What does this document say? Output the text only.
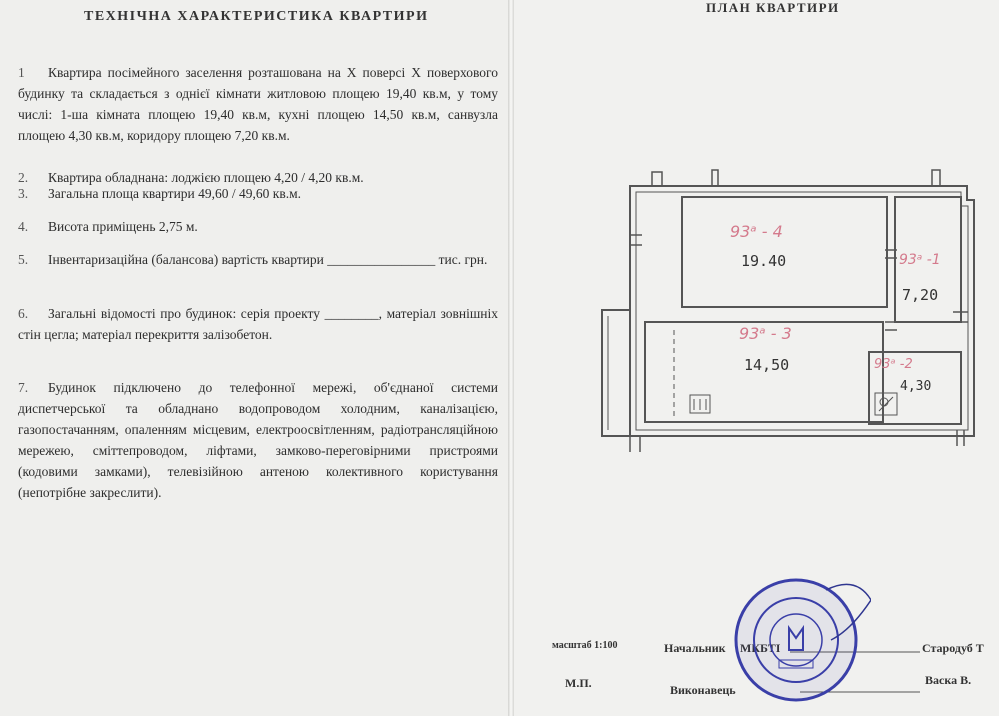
ТЕХНІЧНА ХАРАКТЕРИСТИКА КВАРТИРИ
1 Квартира посімейного заселення розташована на Х поверсі Х поверхового будинку та складається з однієї кімнати житловою площею 19,40 кв.м, у тому числі: 1-ша кімната площею 19,40 кв.м, кухні площею 14,50 кв.м, санвузла площею 4,30 кв.м, коридору площею 7,20 кв.м.
2. Квартира обладнана: лоджією площею 4,20 / 4,20 кв.м.
3. Загальна площа квартири 49,60 / 49,60 кв.м.
4. Висота приміщень 2,75 м.
5. Інвентаризаційна (балансова) вартість квартири ________________ тис. грн.
6. Загальні відомості про будинок: серія проекту ________, матеріал зовнішніх стін цегла; матеріал перекриття залізобетон.
7. Будинок підключено до телефонної мережі, об'єднаної системи диспетчерської та обладнано водопроводом холодним, каналізацією, газопостачанням, опаленням місцевим, електроосвітленням, радіотрансляційною мережею, сміттепроводом, ліфтами, замково-переговірними пристроями (кодовими замками), телевізійною антеною колективного користування (непотрібне закреслити).
ПЛАН КВАРТИРИ
93ᵃ - 4
19.40	93ᵃ -1
7,20
93ᵃ - 3
14,50	93ᵃ -2
4,30
масштаб 1:100	Начальник	Стародуб Т
М.П.	Виконавець
Васка В.
